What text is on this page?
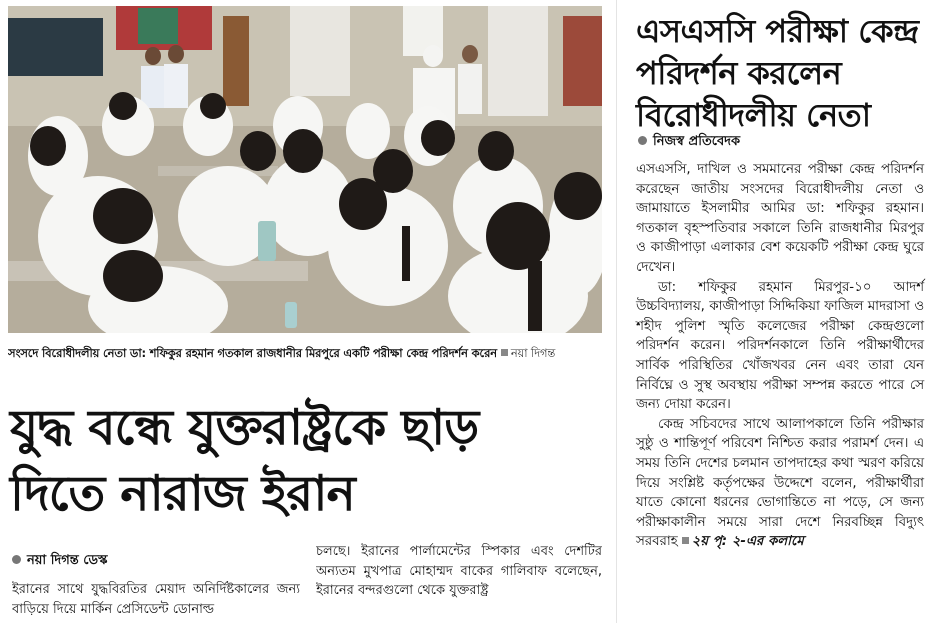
সংসদে বিরোধীদলীয় নেতা ডা: শফিকুর রহমান গতকাল রাজধানীর মিরপুরে একটি পরীক্ষা কেন্দ্র পরিদর্শন করেন নয়া দিগন্ত
যুদ্ধ বন্ধে যুক্তরাষ্ট্রকে ছাড়
দিতে নারাজ ইরান
নয়া দিগন্ত ডেস্ক
ইরানের সাথে যুদ্ধবিরতির মেয়াদ অনির্দিষ্টকালের জন্য বাড়িয়ে দিয়ে মার্কিন প্রেসিডেন্ট ডোনাল্ড
চলছে। ইরানের পার্লামেন্টের স্পিকার এবং দেশটির অন্যতম মুখপাত্র মোহাম্মদ বাকের গালিবাফ বলেছেন, ইরানের বন্দরগুলো থেকে যুক্তরাষ্ট্র
এসএসসি পরীক্ষা কেন্দ্র
পরিদর্শন করলেন
বিরোধীদলীয় নেতা
নিজস্ব প্রতিবেদক

এসএসসি, দাখিল ও সমমানের পরীক্ষা কেন্দ্র পরিদর্শন করেছেন জাতীয় সংসদের বিরোধীদলীয় নেতা ও জামায়াতে ইসলামীর আমির ডা: শফিকুর রহমান। গতকাল বৃহস্পতিবার সকালে তিনি রাজধানীর মিরপুর ও কাজীপাড়া এলাকার বেশ কয়েকটি পরীক্ষা কেন্দ্র ঘুরে দেখেন।

ডা: শফিকুর রহমান মিরপুর-১০ আদর্শ উচ্চবিদ্যালয়, কাজীপাড়া সিদ্দিকিয়া ফাজিল মাদরাসা ও শহীদ পুলিশ স্মৃতি কলেজের পরীক্ষা কেন্দ্রগুলো পরিদর্শন করেন। পরিদর্শনকালে তিনি পরীক্ষার্থীদের সার্বিক পরিস্থিতির খোঁজখবর নেন এবং তারা যেন নির্বিঘ্নে ও সুস্থ অবস্থায় পরীক্ষা সম্পন্ন করতে পারে সে জন্য দোয়া করেন।

কেন্দ্র সচিবদের সাথে আলাপকালে তিনি পরীক্ষার সুষ্ঠু ও শান্তিপূর্ণ পরিবেশ নিশ্চিত করার পরামর্শ দেন। এ সময় তিনি দেশের চলমান তাপদাহের কথা স্মরণ করিয়ে দিয়ে সংশ্লিষ্ট কর্তৃপক্ষের উদ্দেশে বলেন, পরীক্ষার্থীরা যাতে কোনো ধরনের ভোগান্তিতে না পড়ে, সে জন্য পরীক্ষাকালীন সময়ে সারা দেশে নিরবচ্ছিন্ন বিদ্যুৎ সরবরাহ ২য় পৃ: ২-এর কলামে
